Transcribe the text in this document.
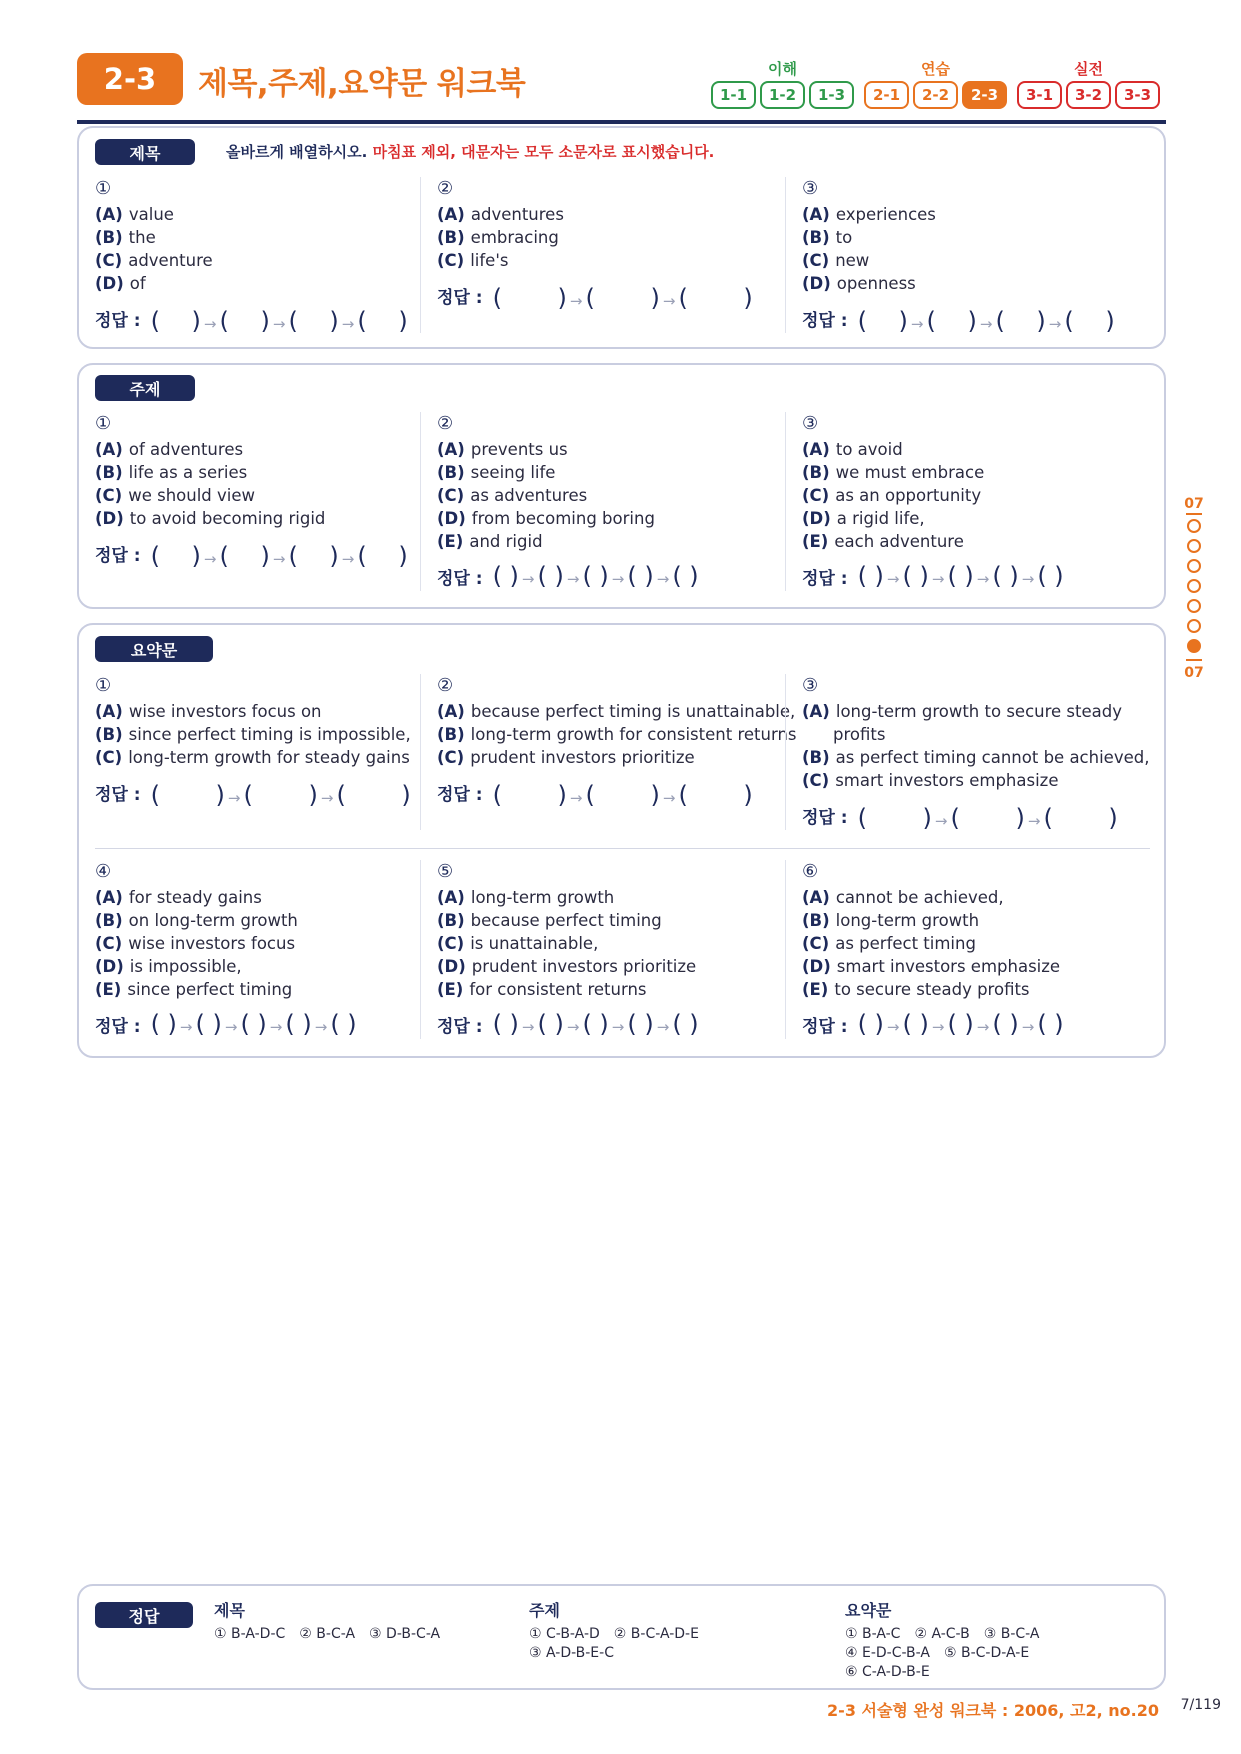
2-3	제목,주제,요약문 워크북	이해
1-1	1-2	1-3
연습
2-1	2-2	2-3
실전
3-1	3-2	3-3
제목	올바르게 배열하시오. 마침표 제외, 대문자는 모두 소문자로 표시했습니다.
①
(A) value
(B) the
(C) adventure
(D) of
정답 : (　 ) → (　 ) → (　 ) → (　 )
②
(A) adventures
(B) embracing
(C) life's
정답 : (　　 ) → (　　 ) → (　　 )
③
(A) experiences
(B) to
(C) new
(D) openness
정답 : (　 ) → (　 ) → (　 ) → (　 )
주제
①
(A) of adventures
(B) life as a series
(C) we should view
(D) to avoid becoming rigid
정답 : (　 ) → (　 ) → (　 ) → (　 )
②
(A) prevents us
(B) seeing life
(C) as adventures
(D) from becoming boring
(E) and rigid
정답 : ( ) → ( ) → ( ) → ( ) → ( )
③
(A) to avoid
(B) we must embrace
(C) as an opportunity
(D) a rigid life,
(E) each adventure
정답 : ( ) → ( ) → ( ) → ( ) → ( )
요약문
①
(A) wise investors focus on
(B) since perfect timing is impossible,
(C) long-term growth for steady gains
정답 : (　　 ) → (　　 ) → (　　 )
②
(A) because perfect timing is unattainable,
(B) long-term growth for consistent returns
(C) prudent investors prioritize
정답 : (　　 ) → (　　 ) → (　　 )
③
(A) long-term growth to secure steady
profits
(B) as perfect timing cannot be achieved,
(C) smart investors emphasize
정답 : (　　 ) → (　　 ) → (　　 )
④
(A) for steady gains
(B) on long-term growth
(C) wise investors focus
(D) is impossible,
(E) since perfect timing
정답 : ( ) → ( ) → ( ) → ( ) → ( )
⑤
(A) long-term growth
(B) because perfect timing
(C) is unattainable,
(D) prudent investors prioritize
(E) for consistent returns
정답 : ( ) → ( ) → ( ) → ( ) → ( )
⑥
(A) cannot be achieved,
(B) long-term growth
(C) as perfect timing
(D) smart investors emphasize
(E) to secure steady profits
정답 : ( ) → ( ) → ( ) → ( ) → ( )
07
07
정답	제목
① B-A-D-C ② B-C-A ③ D-B-C-A
주제
① C-B-A-D ② B-C-A-D-E
③ A-D-B-E-C
요약문
① B-A-C ② A-C-B ③ B-C-A
④ E-D-C-B-A ⑤ B-C-D-A-E
⑥ C-A-D-B-E
2-3 서술형 완성 워크북 : 2006, 고2, no.20 7/119
